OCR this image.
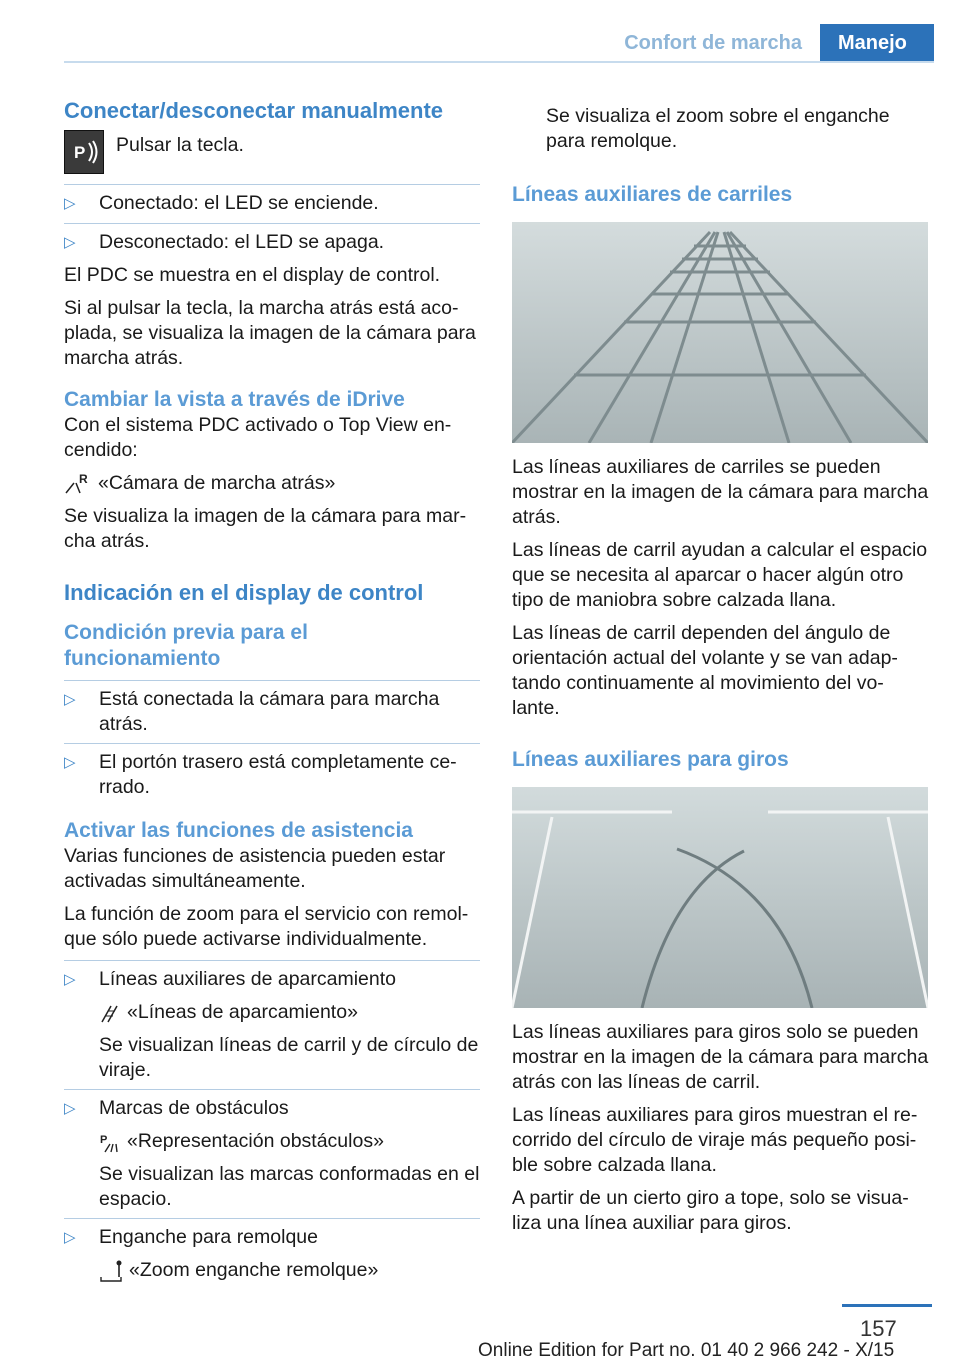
Confort de marcha	Manejo
Conectar/desconectar manualmente
P Pulsar la tecla.

▷ Conectado: el LED se enciende.
▷ Desconectado: el LED se apaga.

El PDC se muestra en el display de control.

Si al pulsar la tecla, la marcha atrás está aco-
plada, se visualiza la imagen de la cámara para
marcha atrás.

Cambiar la vista a través de iDrive

Con el sistema PDC activado o Top View en-
cendido:

R «Cámara de marcha atrás»

Se visualiza la imagen de la cámara para mar-
cha atrás.

Indicación en el display de control
Condición previa para el
funcionamiento
▷ Está conectada la cámara para marcha
atrás.
▷ El portón trasero está completamente ce-
rrado.
Activar las funciones de asistencia

Varias funciones de asistencia pueden estar
activadas simultáneamente.

La función de zoom para el servicio con remol-
que sólo puede activarse individualmente.

▷ Líneas auxiliares de aparcamiento
«Líneas de aparcamiento»
Se visualizan líneas de carril y de círculo de
viraje.
▷ Marcas de obstáculos
P «Representación obstáculos»
Se visualizan las marcas conformadas en el
espacio.
▷ Enganche para remolque
«Zoom enganche remolque»

Se visualiza el zoom sobre el enganche
para remolque.

Líneas auxiliares de carriles

Las líneas auxiliares de carriles se pueden
mostrar en la imagen de la cámara para marcha
atrás.

Las líneas de carril ayudan a calcular el espacio
que se necesita al aparcar o hacer algún otro
tipo de maniobra sobre calzada llana.

Las líneas de carril dependen del ángulo de
orientación actual del volante y se van adap-
tando continuamente al movimiento del vo-
lante.

Líneas auxiliares para giros

Las líneas auxiliares para giros solo se pueden
mostrar en la imagen de la cámara para marcha
atrás con las líneas de carril.

Las líneas auxiliares para giros muestran el re-
corrido del círculo de viraje más pequeño posi-
ble sobre calzada llana.

A partir de un cierto giro a tope, solo se visua-
liza una línea auxiliar para giros.

157
Online Edition for Part no. 01 40 2 966 242 - X/15
